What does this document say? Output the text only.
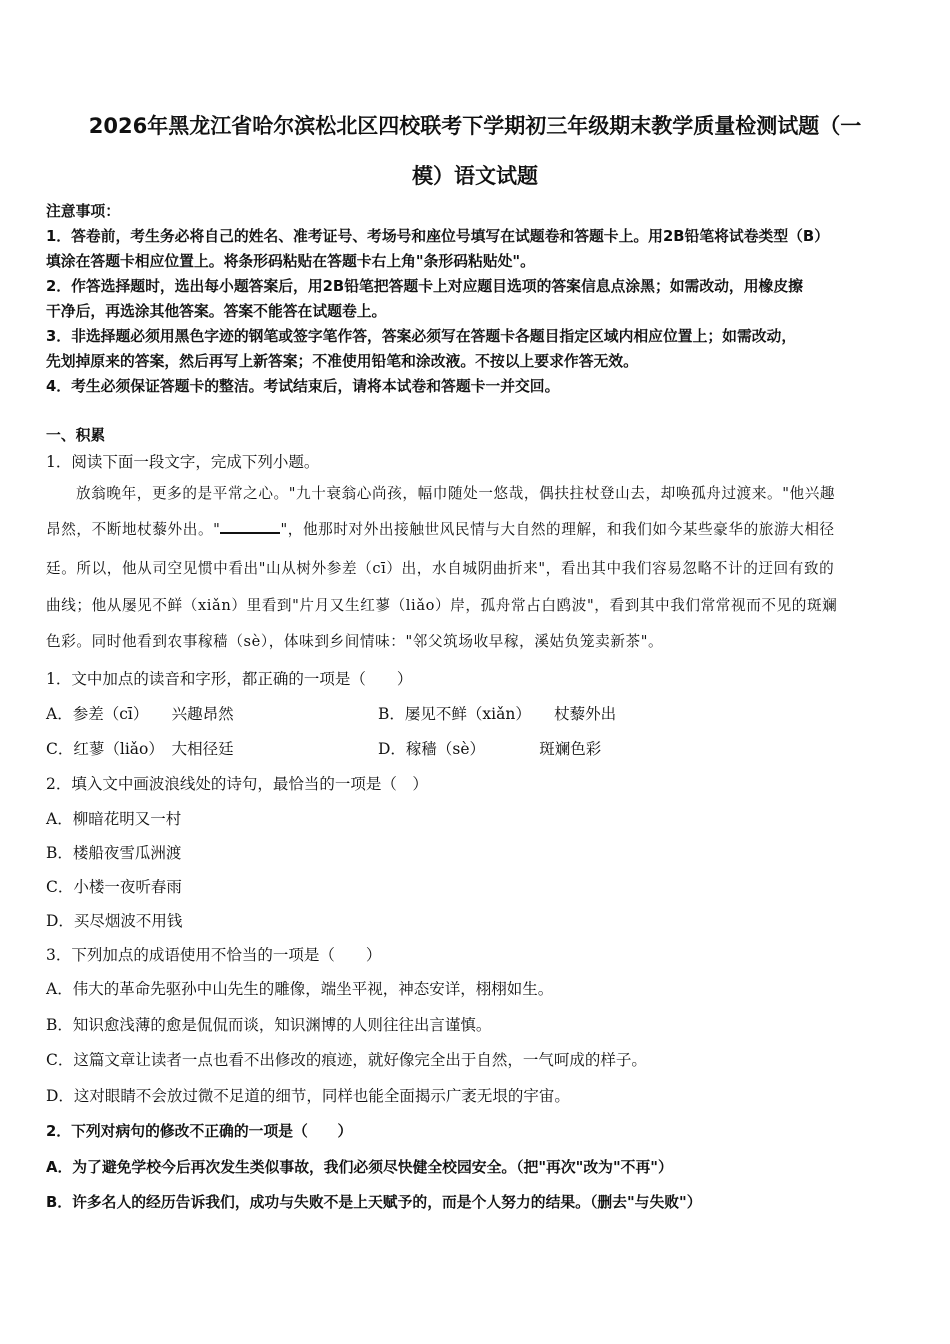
2026年黑龙江省哈尔滨松北区四校联考下学期初三年级期末教学质量检测试题（一
模）语文试题
注意事项：
1．答卷前，考生务必将自己的姓名、准考证号、考场号和座位号填写在试题卷和答题卡上。用2B铅笔将试卷类型（B）
填涂在答题卡相应位置上。将条形码粘贴在答题卡右上角"条形码粘贴处"。
2．作答选择题时，选出每小题答案后，用2B铅笔把答题卡上对应题目选项的答案信息点涂黑；如需改动，用橡皮擦
干净后，再选涂其他答案。答案不能答在试题卷上。
3．非选择题必须用黑色字迹的钢笔或签字笔作答，答案必须写在答题卡各题目指定区域内相应位置上；如需改动，
先划掉原来的答案，然后再写上新答案；不准使用铅笔和涂改液。不按以上要求作答无效。
4．考生必须保证答题卡的整洁。考试结束后，请将本试卷和答题卡一并交回。
一、积累
1．阅读下面一段文字，完成下列小题。
放翁晚年，更多的是平常之心。"九十衰翁心尚孩，幅巾随处一悠哉，偶扶拄杖登山去，却唤孤舟过渡来。"他兴趣
昂然，不断地杖藜外出。"	"，他那时对外出接触世风民情与大自然的理解，和我们如今某些豪华的旅游大相径
廷。所以，他从司空见惯中看出"山从树外参差（cī）出，水自城阴曲折来"，看出其中我们容易忽略不计的迂回有致的
曲线；他从屡见不鲜（xiǎn）里看到"片月又生红蓼（liǎo）岸，孤舟常占白鸥波"，看到其中我们常常视而不见的斑斓
色彩。同时他看到农事稼穑（sè），体味到乡间情味："邻父筑场收早稼，溪姑负笼卖新茶"。
1．文中加点的读音和字形，都正确的一项是（　　）
A．参差（cī）　　兴趣昂然	B．屡见不鲜（xiǎn）　　杖藜外出
C．红蓼（liǎo）　大相径廷	D．稼穑（sè）　　　　斑斓色彩
2．填入文中画波浪线处的诗句，最恰当的一项是（　）
A．柳暗花明又一村
B．楼船夜雪瓜洲渡
C．小楼一夜听春雨
D．买尽烟波不用钱
3．下列加点的成语使用不恰当的一项是（　　）
A．伟大的革命先驱孙中山先生的雕像，端坐平视，神态安详，栩栩如生。
B．知识愈浅薄的愈是侃侃而谈，知识渊博的人则往往出言谨慎。
C．这篇文章让读者一点也看不出修改的痕迹，就好像完全出于自然，一气呵成的样子。
D．这对眼睛不会放过微不足道的细节，同样也能全面揭示广袤无垠的宇宙。
2．下列对病句的修改不正确的一项是（　　）
A．为了避免学校今后再次发生类似事故，我们必须尽快健全校园安全。（把"再次"改为"不再"）
B．许多名人的经历告诉我们，成功与失败不是上天赋予的，而是个人努力的结果。（删去"与失败"）
